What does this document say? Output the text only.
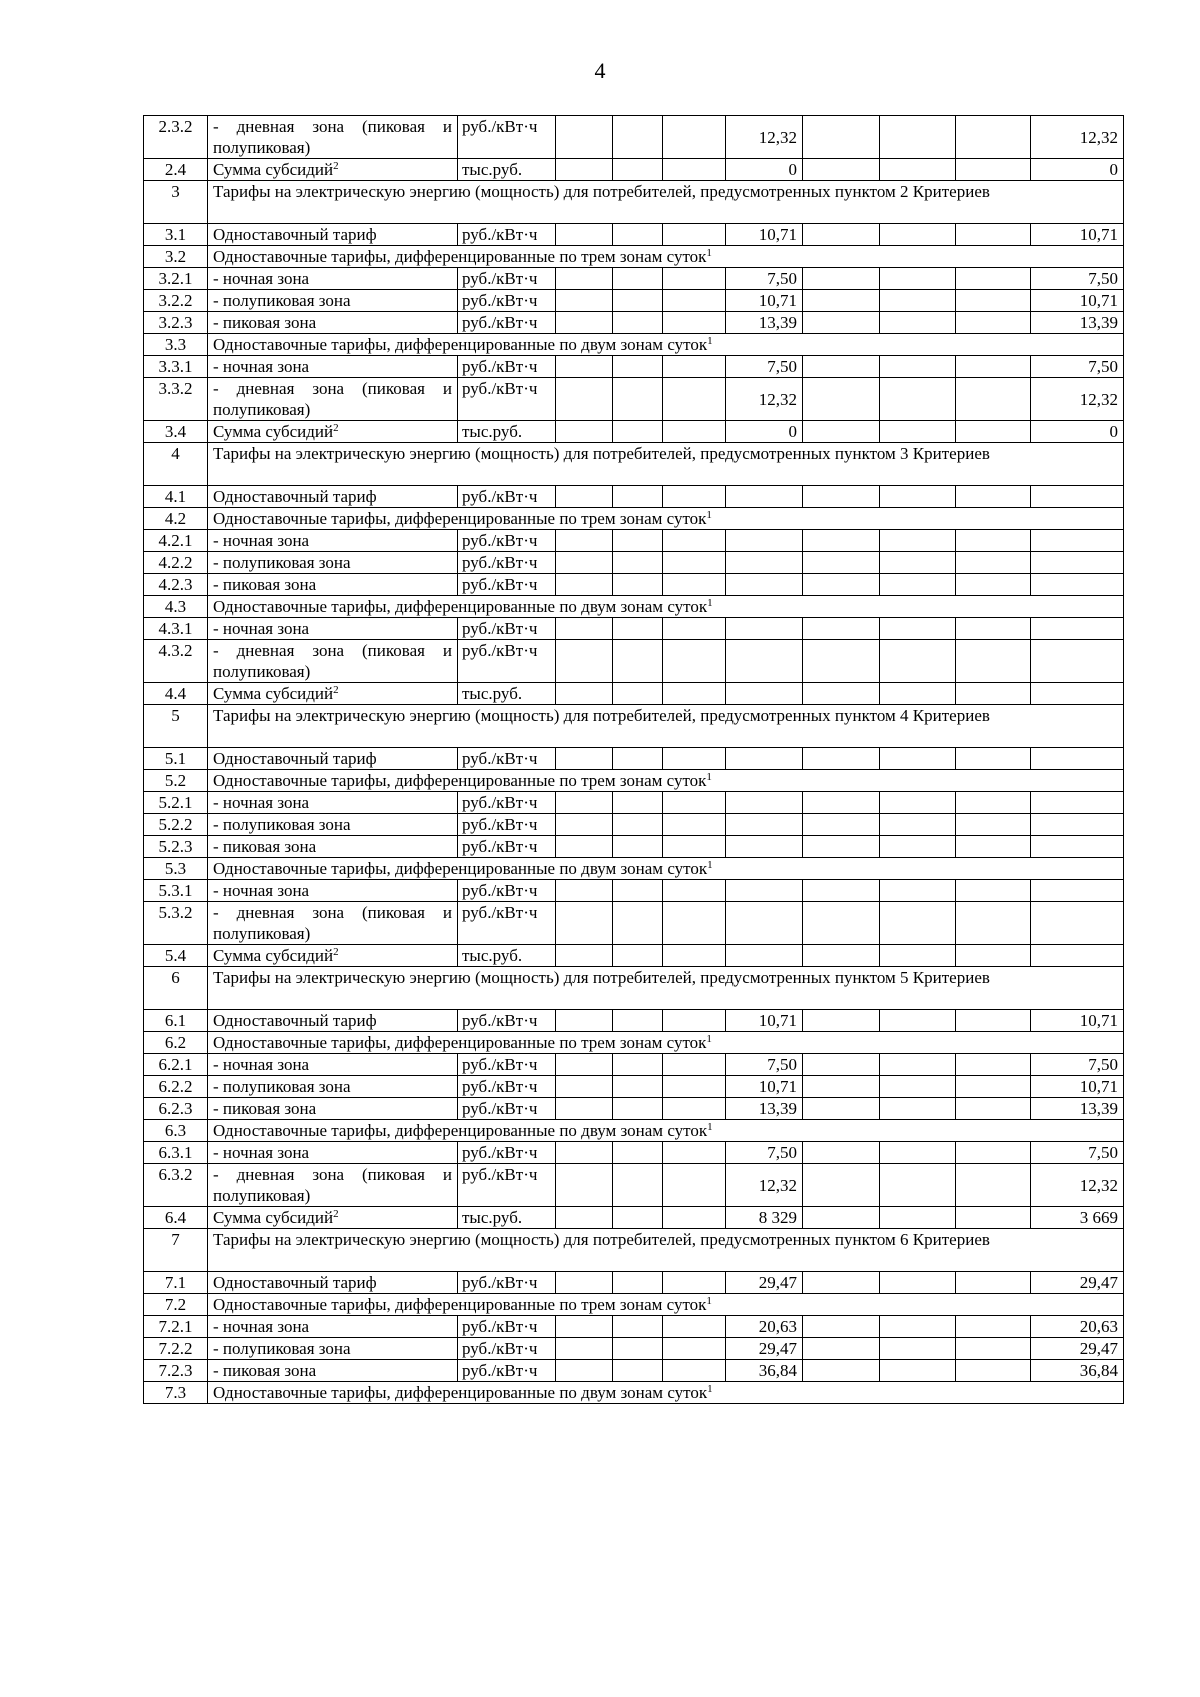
4
2.3.2	- дневная зона (пиковая и полупиковая)	руб./кВт·ч				12,32				12,32
2.4	Сумма субсидий$^2$	тыс.руб.				0				0
3	Тарифы на электрическую энергию (мощность) для потребителей, предусмотренных пунктом 2 Критериев									
3.1	Одноставочный тариф	руб./кВт·ч				10,71				10,71
3.2	Одноставочные тарифы, дифференцированные по трем зонам суток$^1$
3.2.1	- ночная зона	руб./кВт·ч				7,50				7,50
3.2.2	- полупиковая зона	руб./кВт·ч				10,71				10,71
3.2.3	- пиковая зона	руб./кВт·ч				13,39				13,39
3.3	Одноставочные тарифы, дифференцированные по двум зонам суток$^1$
3.3.1	- ночная зона	руб./кВт·ч				7,50				7,50
3.3.2	- дневная зона (пиковая и полупиковая)	руб./кВт·ч				12,32				12,32
3.4	Сумма субсидий$^2$	тыс.руб.				0				0
4	Тарифы на электрическую энергию (мощность) для потребителей, предусмотренных пунктом 3 Критериев									
4.1	Одноставочный тариф	руб./кВт·ч								
4.2	Одноставочные тарифы, дифференцированные по трем зонам суток$^1$
4.2.1	- ночная зона	руб./кВт·ч								
4.2.2	- полупиковая зона	руб./кВт·ч								
4.2.3	- пиковая зона	руб./кВт·ч								
4.3	Одноставочные тарифы, дифференцированные по двум зонам суток$^1$
4.3.1	- ночная зона	руб./кВт·ч								
4.3.2	- дневная зона (пиковая и полупиковая)	руб./кВт·ч								
4.4	Сумма субсидий$^2$	тыс.руб.								
5	Тарифы на электрическую энергию (мощность) для потребителей, предусмотренных пунктом 4 Критериев									
5.1	Одноставочный тариф	руб./кВт·ч								
5.2	Одноставочные тарифы, дифференцированные по трем зонам суток$^1$
5.2.1	- ночная зона	руб./кВт·ч								
5.2.2	- полупиковая зона	руб./кВт·ч								
5.2.3	- пиковая зона	руб./кВт·ч								
5.3	Одноставочные тарифы, дифференцированные по двум зонам суток$^1$
5.3.1	- ночная зона	руб./кВт·ч								
5.3.2	- дневная зона (пиковая и полупиковая)	руб./кВт·ч								
5.4	Сумма субсидий$^2$	тыс.руб.								
6	Тарифы на электрическую энергию (мощность) для потребителей, предусмотренных пунктом 5 Критериев									
6.1	Одноставочный тариф	руб./кВт·ч				10,71				10,71
6.2	Одноставочные тарифы, дифференцированные по трем зонам суток$^1$
6.2.1	- ночная зона	руб./кВт·ч				7,50				7,50
6.2.2	- полупиковая зона	руб./кВт·ч				10,71				10,71
6.2.3	- пиковая зона	руб./кВт·ч				13,39				13,39
6.3	Одноставочные тарифы, дифференцированные по двум зонам суток$^1$
6.3.1	- ночная зона	руб./кВт·ч				7,50				7,50
6.3.2	- дневная зона (пиковая и полупиковая)	руб./кВт·ч				12,32				12,32
6.4	Сумма субсидий$^2$	тыс.руб.				8 329				3 669
7	Тарифы на электрическую энергию (мощность) для потребителей, предусмотренных пунктом 6 Критериев									
7.1	Одноставочный тариф	руб./кВт·ч				29,47				29,47
7.2	Одноставочные тарифы, дифференцированные по трем зонам суток$^1$
7.2.1	- ночная зона	руб./кВт·ч				20,63				20,63
7.2.2	- полупиковая зона	руб./кВт·ч				29,47				29,47
7.2.3	- пиковая зона	руб./кВт·ч				36,84				36,84
7.3	Одноставочные тарифы, дифференцированные по двум зонам суток$^1$
